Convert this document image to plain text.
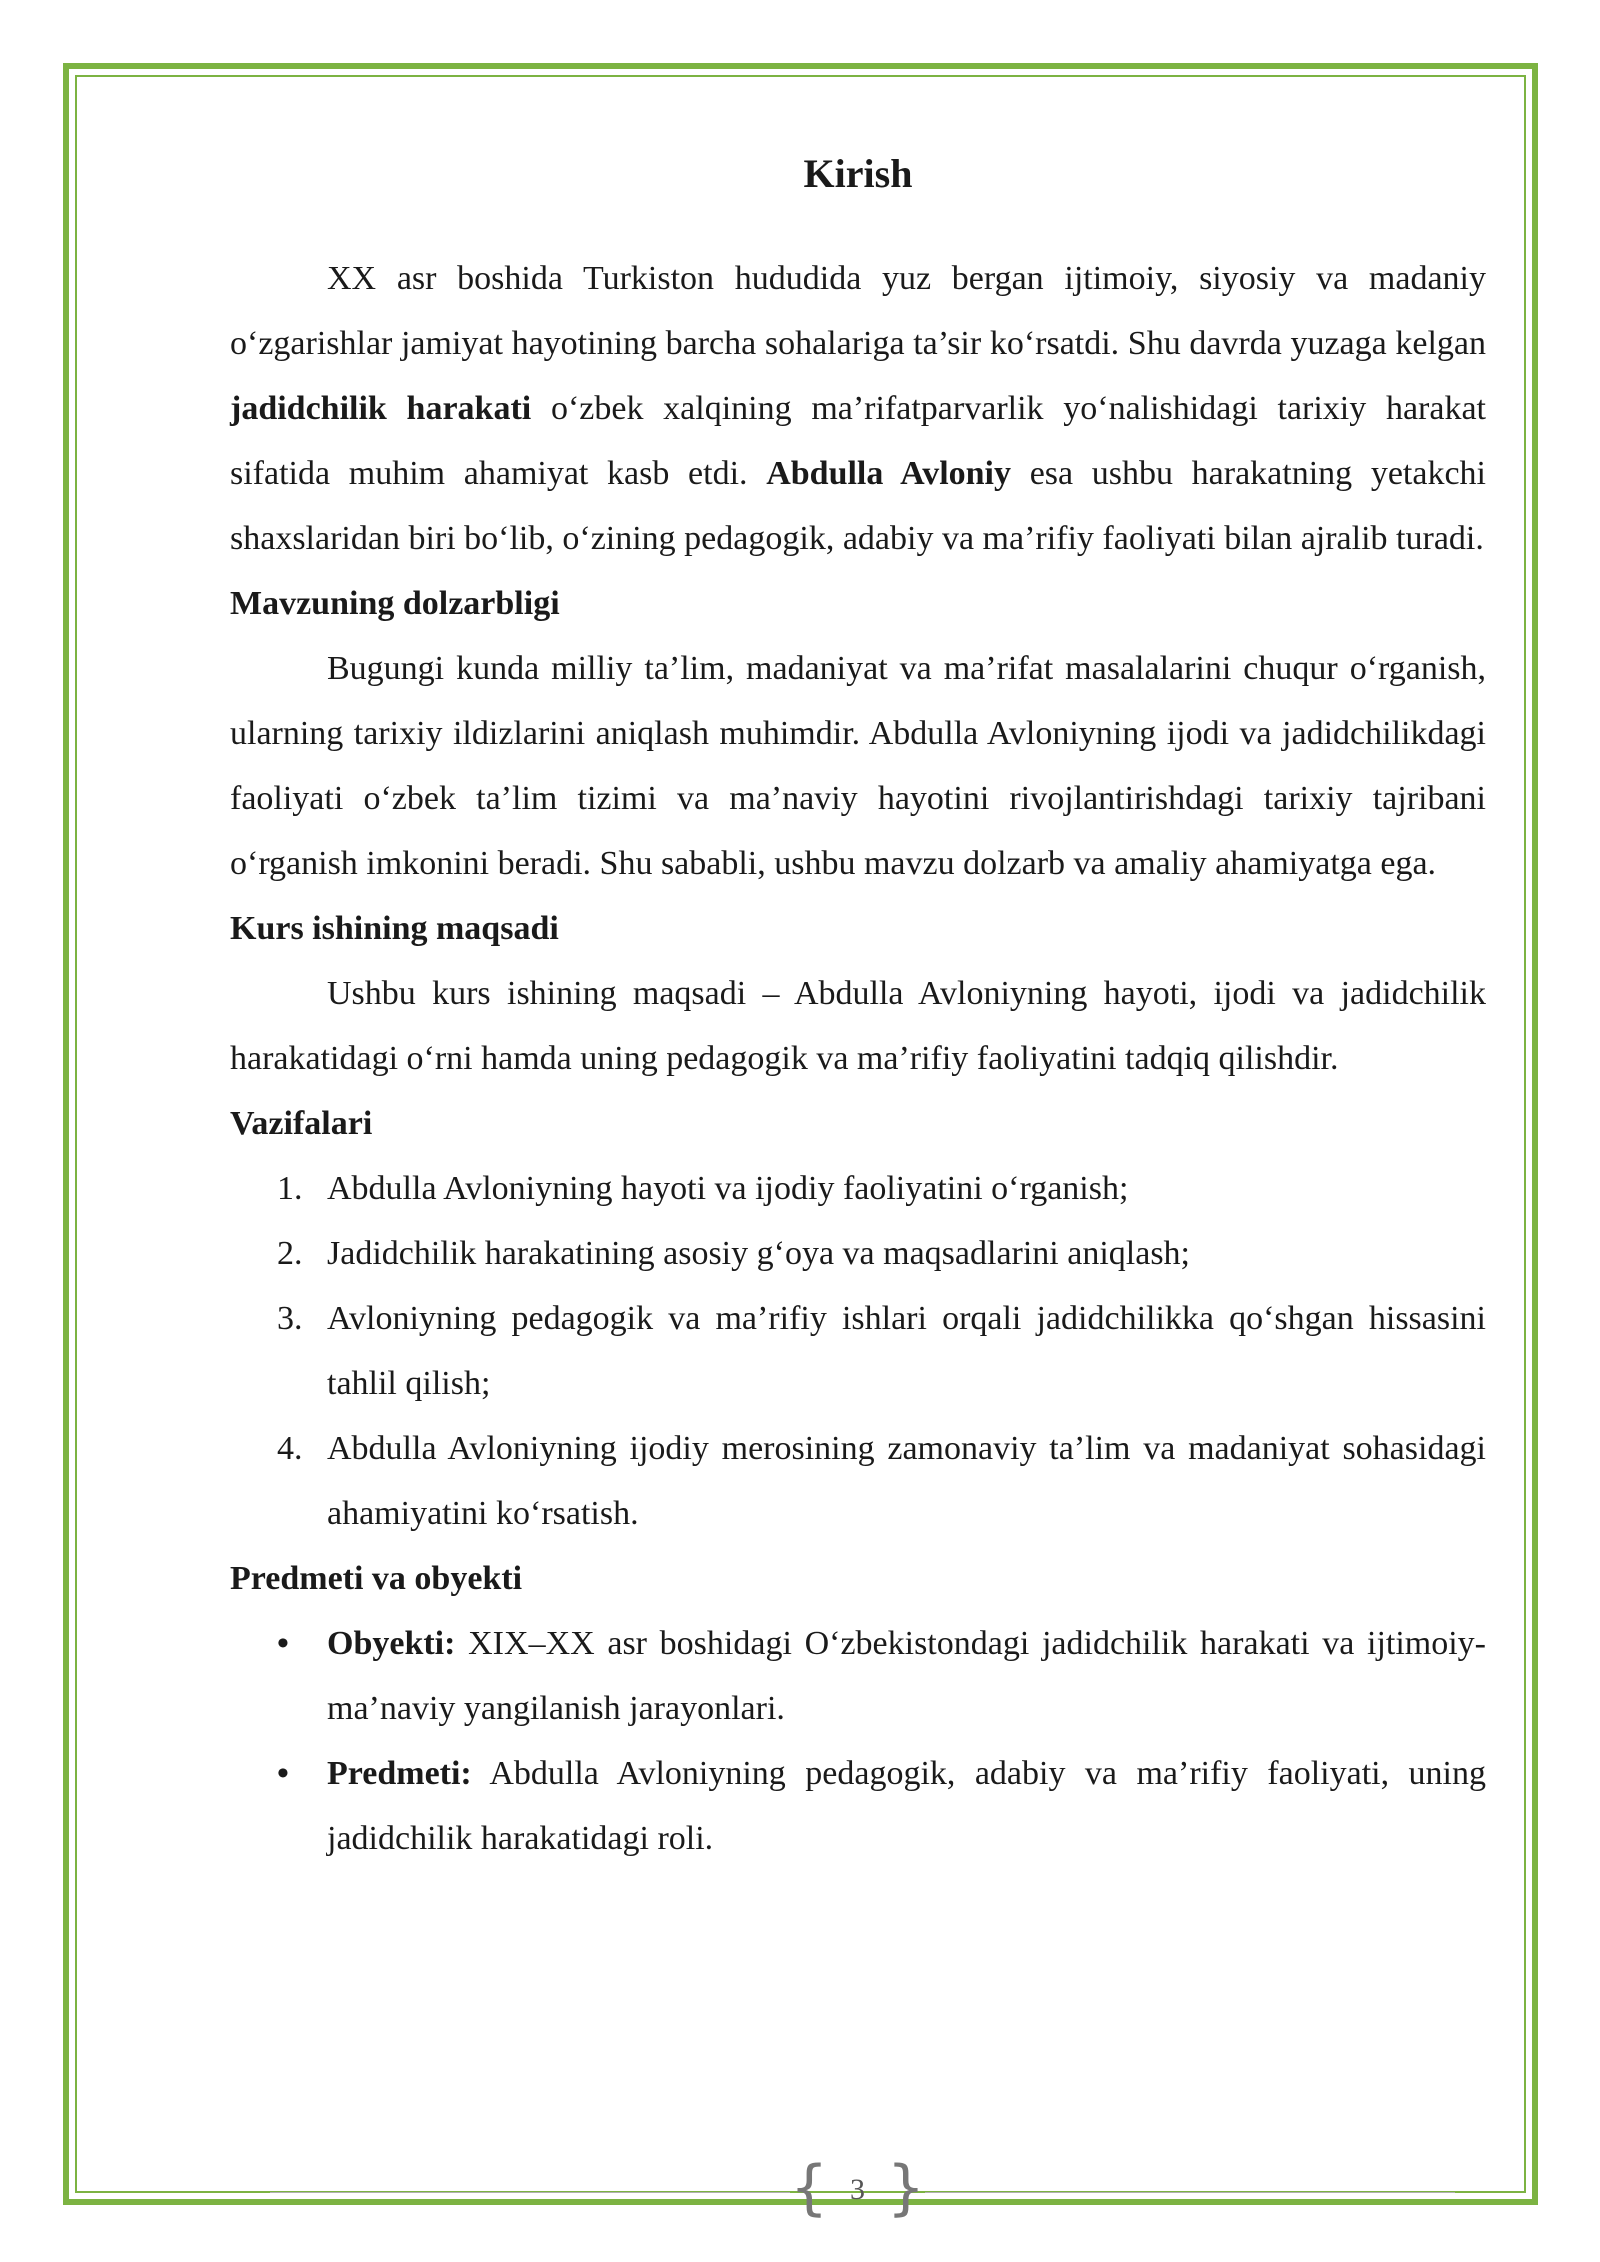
Kirish

XX asr boshida Turkiston hududida yuz bergan ijtimoiy, siyosiy va madaniy o‘zgarishlar jamiyat hayotining barcha sohalariga ta’sir ko‘rsatdi. Shu davrda yuzaga kelgan jadidchilik harakati o‘zbek xalqining ma’rifatparvarlik yo‘nalishidagi tarixiy harakat sifatida muhim ahamiyat kasb etdi. Abdulla Avloniy esa ushbu harakatning yetakchi shaxslaridan biri bo‘lib, o‘zining pedagogik, adabiy va ma’rifiy faoliyati bilan ajralib turadi.

Mavzuning dolzarbligi

Bugungi kunda milliy ta’lim, madaniyat va ma’rifat masalalarini chuqur o‘rganish, ularning tarixiy ildizlarini aniqlash muhimdir. Abdulla Avloniyning ijodi va jadidchilikdagi faoliyati o‘zbek ta’lim tizimi va ma’naviy hayotini rivojlantirishdagi tarixiy tajribani o‘rganish imkonini beradi. Shu sababli, ushbu mavzu dolzarb va amaliy ahamiyatga ega.

Kurs ishining maqsadi

Ushbu kurs ishining maqsadi – Abdulla Avloniyning hayoti, ijodi va jadidchilik harakatidagi o‘rni hamda uning pedagogik va ma’rifiy faoliyatini tadqiq qilishdir.

Vazifalari

1. Abdulla Avloniyning hayoti va ijodiy faoliyatini o‘rganish;
2. Jadidchilik harakatining asosiy g‘oya va maqsadlarini aniqlash;
3. Avloniyning pedagogik va ma’rifiy ishlari orqali jadidchilikka qo‘shgan hissasini tahlil qilish;
4. Abdulla Avloniyning ijodiy merosining zamonaviy ta’lim va madaniyat sohasidagi ahamiyatini ko‘rsatish.

Predmeti va obyekti

• Obyekti: XIX–XX asr boshidagi O‘zbekistondagi jadidchilik harakati va ijtimoiy-ma’naviy yangilanish jarayonlari.
• Predmeti: Abdulla Avloniyning pedagogik, adabiy va ma’rifiy faoliyati, uning jadidchilik harakatidagi roli.
{ 3 }
